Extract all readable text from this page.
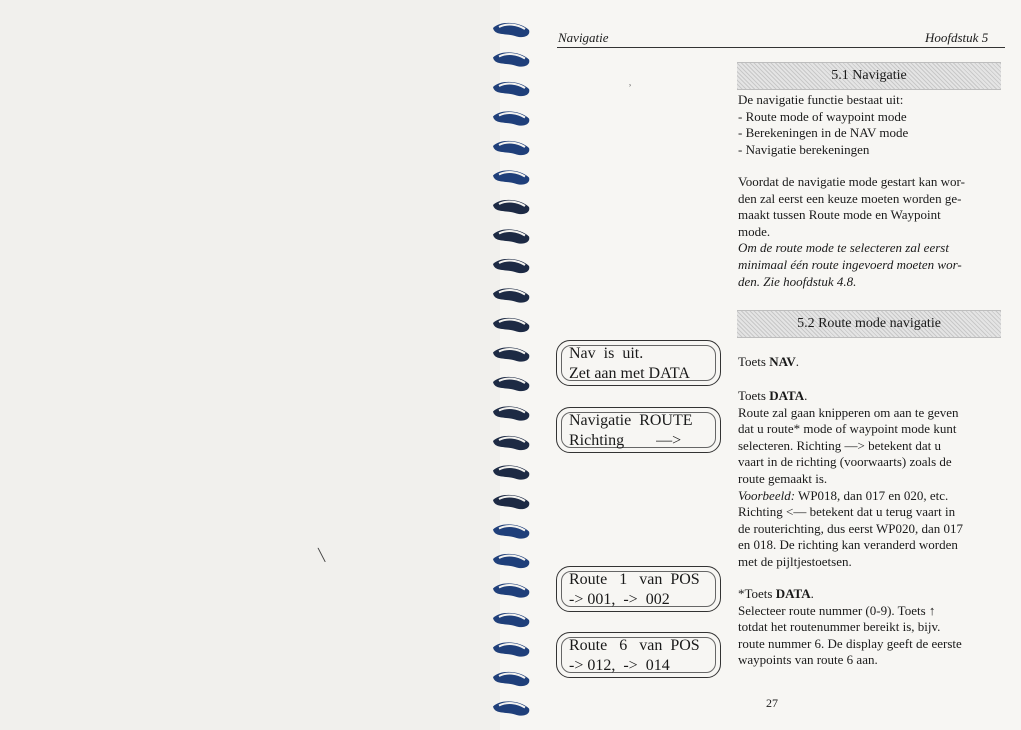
Navigatie	Hoofdstuk 5
5.1 Navigatie

De navigatie functie bestaat uit:

- Route mode of waypoint mode

- Berekeningen in de NAV mode

- Navigatie berekeningen

Voordat de navigatie mode gestart kan wor-

den zal eerst een keuze moeten worden ge-

maakt tussen Route mode en Waypoint

mode.

Om de route mode te selecteren zal eerst

minimaal één route ingevoerd moeten wor-

den. Zie hoofdstuk 4.8.

5.2 Route mode navigatie

Toets NAV.

Toets DATA.

Route zal gaan knipperen om aan te geven

dat u route* mode of waypoint mode kunt

selecteren. Richting —> betekent dat u

vaart in de richting (voorwaarts) zoals de

route gemaakt is.

Voorbeeld: WP018, dan 017 en 020, etc.

Richting <— betekent dat u terug vaart in

de routerichting, dus eerst WP020, dan 017

en 018. De richting kan veranderd worden

met de pijltjestoetsen.

*Toets DATA.

Selecteer route nummer (0-9). Toets ↑

totdat het routenummer bereikt is, bijv.

route nummer 6. De display geeft de eerste

waypoints van route 6 aan.

Nav  is  uit.
Zet aan met DATA
Navigatie  ROUTE
Richting        —>
Route   1   van  POS
-> 001,  ->  002
Route   6   van  POS
-> 012,  ->  014
27
˒
╲
